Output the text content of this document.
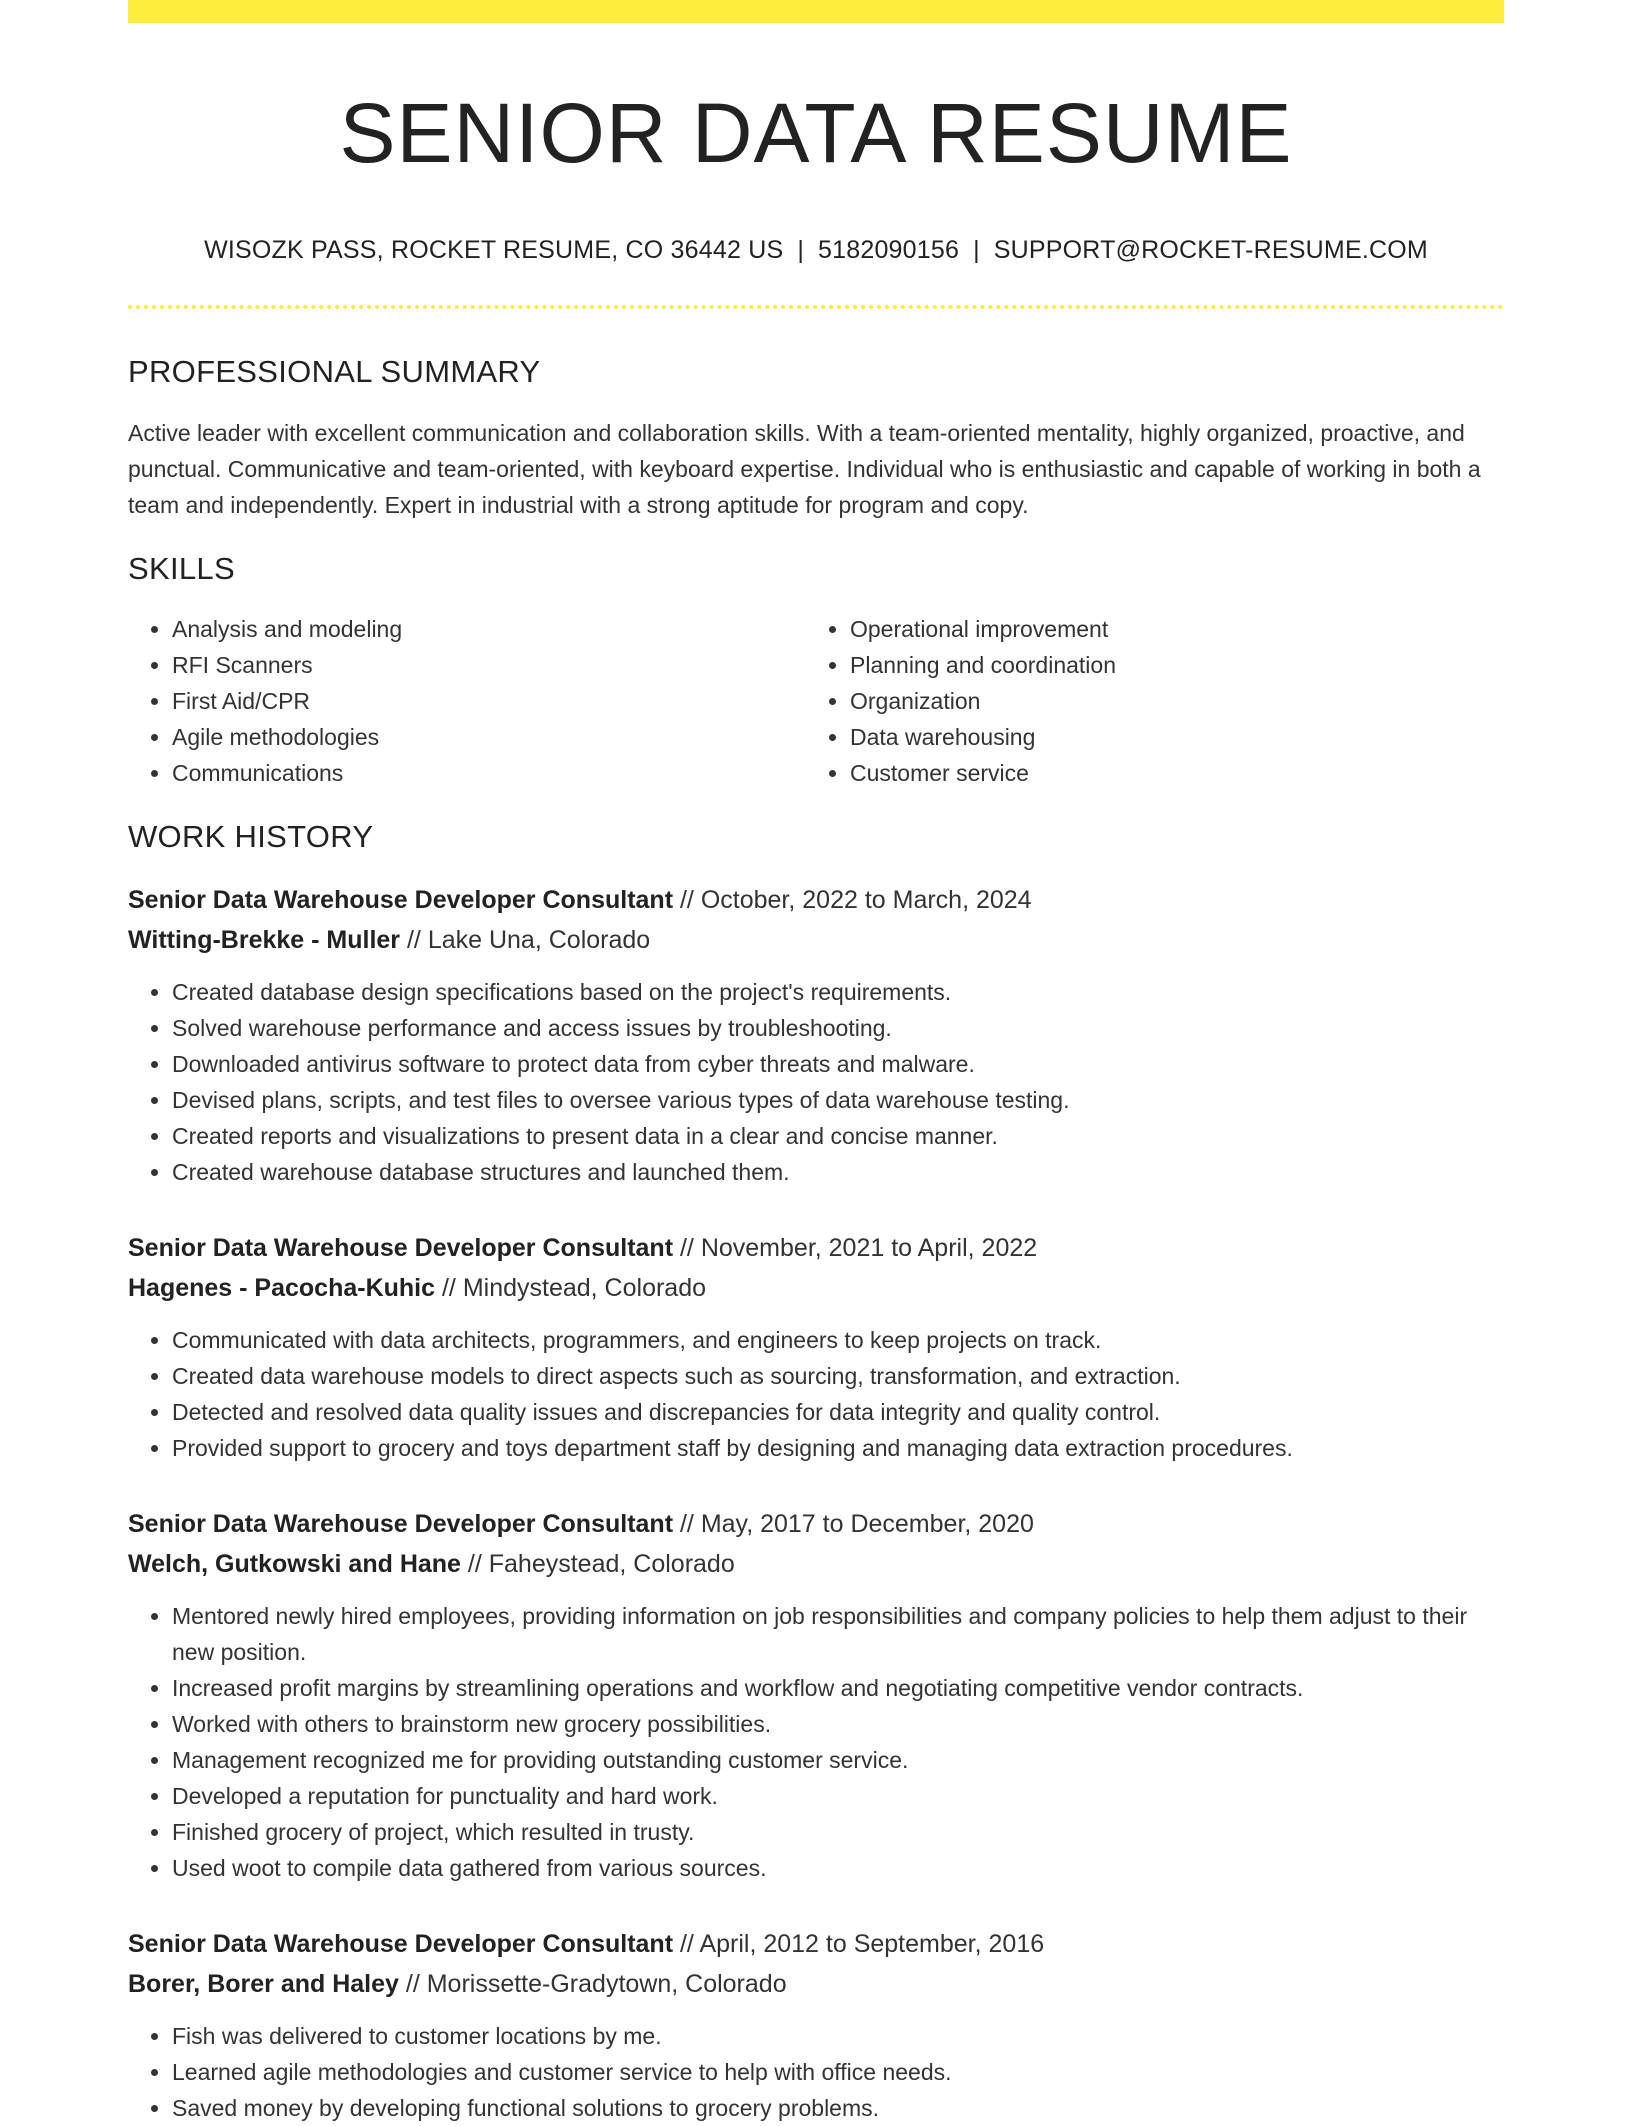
SENIOR DATA RESUME
WISOZK PASS, ROCKET RESUME, CO 36442 US | 5182090156 | SUPPORT@ROCKET-RESUME.COM
PROFESSIONAL SUMMARY
Active leader with excellent communication and collaboration skills. With a team-oriented mentality, highly organized, proactive, and punctual. Communicative and team-oriented, with keyboard expertise. Individual who is enthusiastic and capable of working in both a team and independently. Expert in industrial with a strong aptitude for program and copy.
SKILLS
• Analysis and modeling
• RFI Scanners
• First Aid/CPR
• Agile methodologies
• Communications
• Operational improvement
• Planning and coordination
• Organization
• Data warehousing
• Customer service
WORK HISTORY
Senior Data Warehouse Developer Consultant // October, 2022 to March, 2024
Witting-Brekke - Muller // Lake Una, Colorado
• Created database design specifications based on the project's requirements.
• Solved warehouse performance and access issues by troubleshooting.
• Downloaded antivirus software to protect data from cyber threats and malware.
• Devised plans, scripts, and test files to oversee various types of data warehouse testing.
• Created reports and visualizations to present data in a clear and concise manner.
• Created warehouse database structures and launched them.
Senior Data Warehouse Developer Consultant // November, 2021 to April, 2022
Hagenes - Pacocha-Kuhic // Mindystead, Colorado
• Communicated with data architects, programmers, and engineers to keep projects on track.
• Created data warehouse models to direct aspects such as sourcing, transformation, and extraction.
• Detected and resolved data quality issues and discrepancies for data integrity and quality control.
• Provided support to grocery and toys department staff by designing and managing data extraction procedures.
Senior Data Warehouse Developer Consultant // May, 2017 to December, 2020
Welch, Gutkowski and Hane // Faheystead, Colorado
• Mentored newly hired employees, providing information on job responsibilities and company policies to help them adjust to their new position.
• Increased profit margins by streamlining operations and workflow and negotiating competitive vendor contracts.
• Worked with others to brainstorm new grocery possibilities.
• Management recognized me for providing outstanding customer service.
• Developed a reputation for punctuality and hard work.
• Finished grocery of project, which resulted in trusty.
• Used woot to compile data gathered from various sources.
Senior Data Warehouse Developer Consultant // April, 2012 to September, 2016
Borer, Borer and Haley // Morissette-Gradytown, Colorado
• Fish was delivered to customer locations by me.
• Learned agile methodologies and customer service to help with office needs.
• Saved money by developing functional solutions to grocery problems.
